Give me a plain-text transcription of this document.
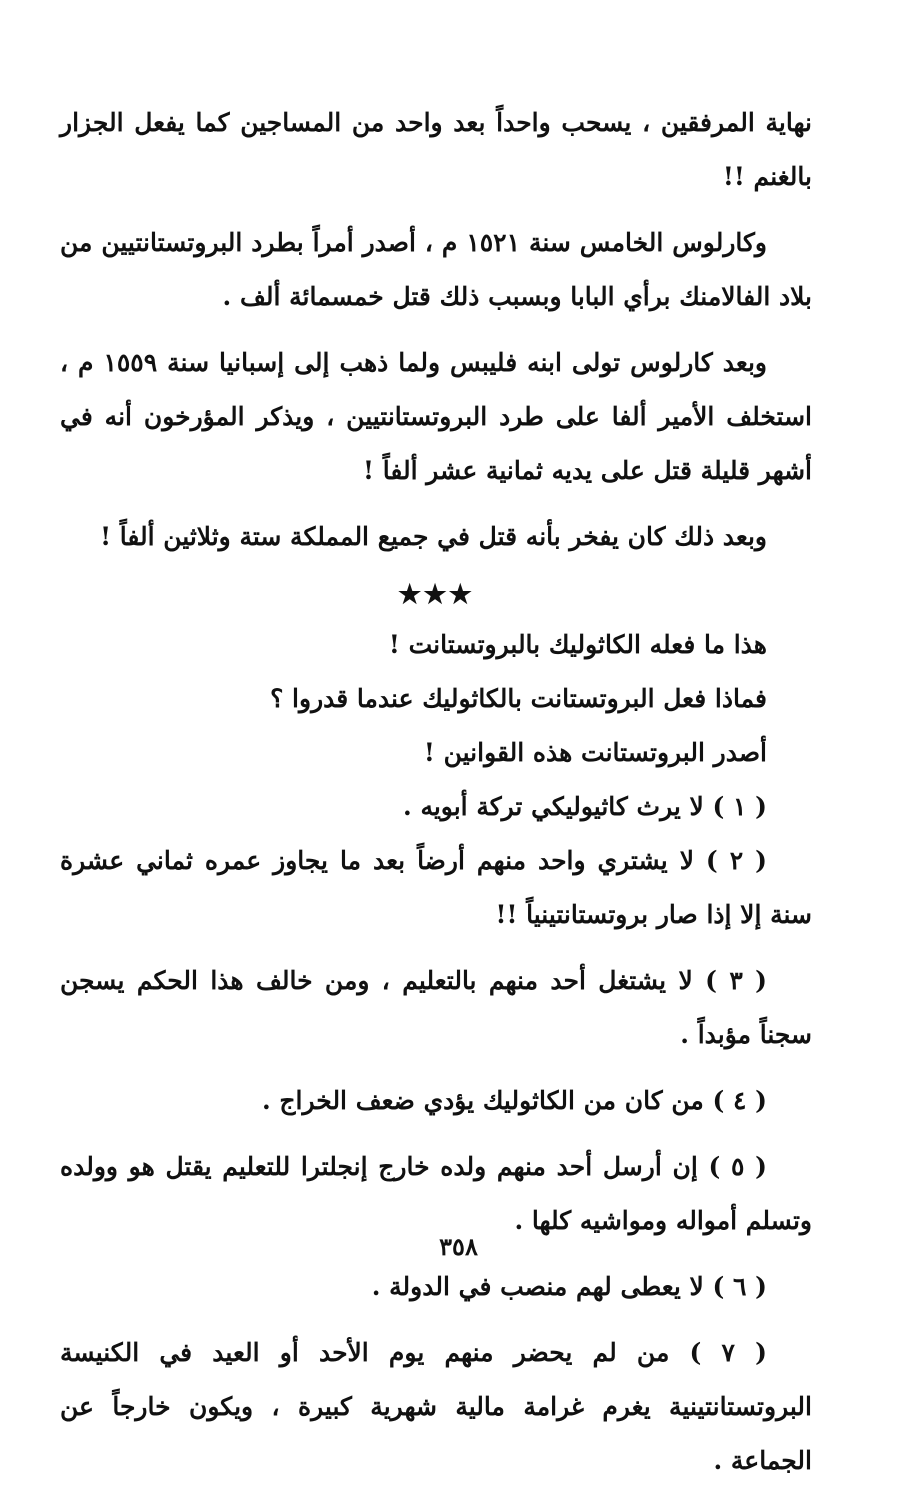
نهاية المرفقين ، يسحب واحداً بعد واحد من المساجين كما يفعل الجزار بالغنم !!

وكارلوس الخامس سنة ١٥٢١ م ، أصدر أمراً بطرد البروتستانتيين من بلاد الفالامنك برأي البابا وبسبب ذلك قتل خمسمائة ألف .

وبعد كارلوس تولى ابنه فليبس ولما ذهب إلى إسبانيا سنة ١٥٥٩ م ، استخلف الأمير ألفا على طرد البروتستانتيين ، ويذكر المؤرخون أنه في أشهر قليلة قتل على يديه ثمانية عشر ألفاً !

وبعد ذلك كان يفخر بأنه قتل في جميع المملكة ستة وثلاثين ألفاً !

★★★

هذا ما فعله الكاثوليك بالبروتستانت !

فماذا فعل البروتستانت بالكاثوليك عندما قدروا ؟

أصدر البروتستانت هذه القوانين !

( ١ ) لا يرث كاثيوليكي تركة أبويه .

( ٢ ) لا يشتري واحد منهم أرضاً بعد ما يجاوز عمره ثماني عشرة سنة إلا إذا صار بروتستانتينياً !!

( ٣ ) لا يشتغل أحد منهم بالتعليم ، ومن خالف هذا الحكم يسجن سجناً مؤبداً .

( ٤ ) من كان من الكاثوليك يؤدي ضعف الخراج .

( ٥ ) إن أرسل أحد منهم ولده خارج إنجلترا للتعليم يقتل هو وولده وتسلم أمواله ومواشيه كلها .

( ٦ ) لا يعطى لهم منصب في الدولة .

( ٧ ) من لم يحضر منهم يوم الأحد أو العيد في الكنيسة البروتستانتينية يغرم غرامة مالية شهرية كبيرة ، ويكون خارجاً عن الجماعة .

٣٥٨
